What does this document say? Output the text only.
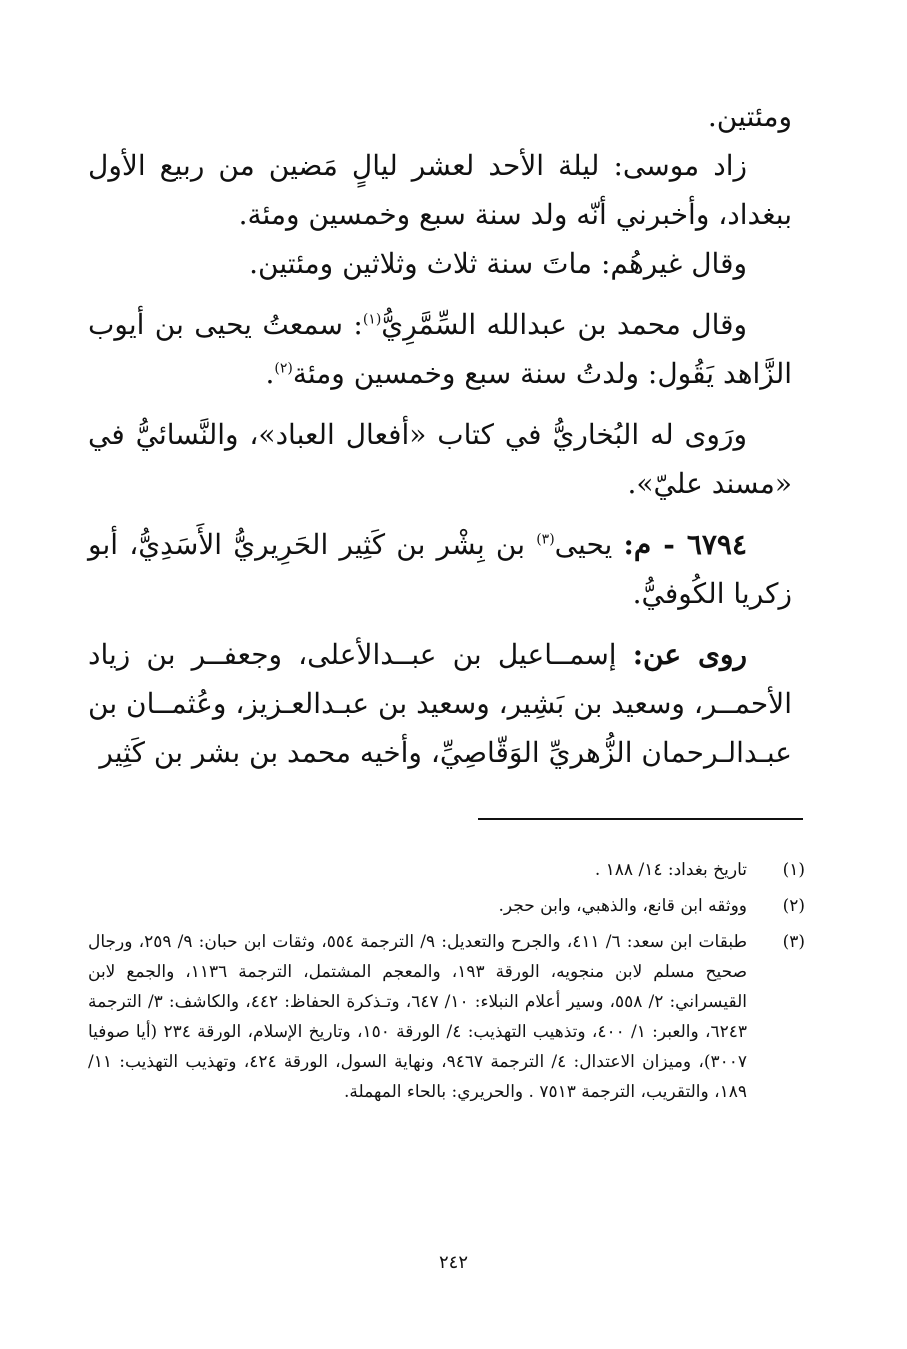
ومئتين.

زاد موسى: ليلة الأحد لعشر ليالٍ مَضين من ربيع الأول ببغداد، وأخبرني أنّه ولد سنة سبع وخمسين ومئة.

وقال غيرهُم: ماتَ سنة ثلاث وثلاثين ومئتين.

وقال محمد بن عبدالله السِّمَّرِيُّ$^{(١)}$: سمعتُ يحيى بن أيوب الزَّاهد يَقُول: ولدتُ سنة سبع وخمسين ومئة$^{(٢)}$.

ورَوى له البُخاريُّ في كتاب «أفعال العباد»، والنَّسائيُّ في «مسند عليّ».

٦٧٩٤ - م: يحيى$^{(٣)}$ بن بِشْر بن كَثِير الحَرِيريُّ الأَسَدِيُّ، أبو زكريا الكُوفيُّ.

روى عن: إسمــاعيل بن عبــدالأعلى، وجعفــر بن زياد الأحمــر، وسعيد بن بَشِير، وسعيد بن عبـدالعـزيز، وعُثمــان بن عبـدالـرحمان الزُّهريِّ الوَقّاصِيِّ، وأخيه محمد بن بشر بن كَثِير

(١)
تاريخ بغداد: ١٤/ ١٨٨ .
(٢)
ووثقه ابن قانع، والذهبي، وابن حجر.
(٣)
طبقات ابن سعد: ٦/ ٤١١، والجرح والتعديل: ٩/ الترجمة ٥٥٤، وثقات ابن حبان: ٩/ ٢٥٩، ورجال صحيح مسلم لابن منجويه، الورقة ١٩٣، والمعجم المشتمل، الترجمة ١١٣٦، والجمع لابن القيسراني: ٢/ ٥٥٨، وسير أعلام النبلاء: ١٠/ ٦٤٧، وتـذكرة الحفاظ: ٤٤٢، والكاشف: ٣/ الترجمة ٦٢٤٣، والعبر: ١/ ٤٠٠، وتذهيب التهذيب: ٤/ الورقة ١٥٠، وتاريخ الإسلام، الورقة ٢٣٤ (أيا صوفيا ٣٠٠٧)، وميزان الاعتدال: ٤/ الترجمة ٩٤٦٧، ونهاية السول، الورقة ٤٢٤، وتهذيب التهذيب: ١١/ ١٨٩، والتقريب، الترجمة ٧٥١٣ . والحريري: بالحاء المهملة.
٢٤٢
